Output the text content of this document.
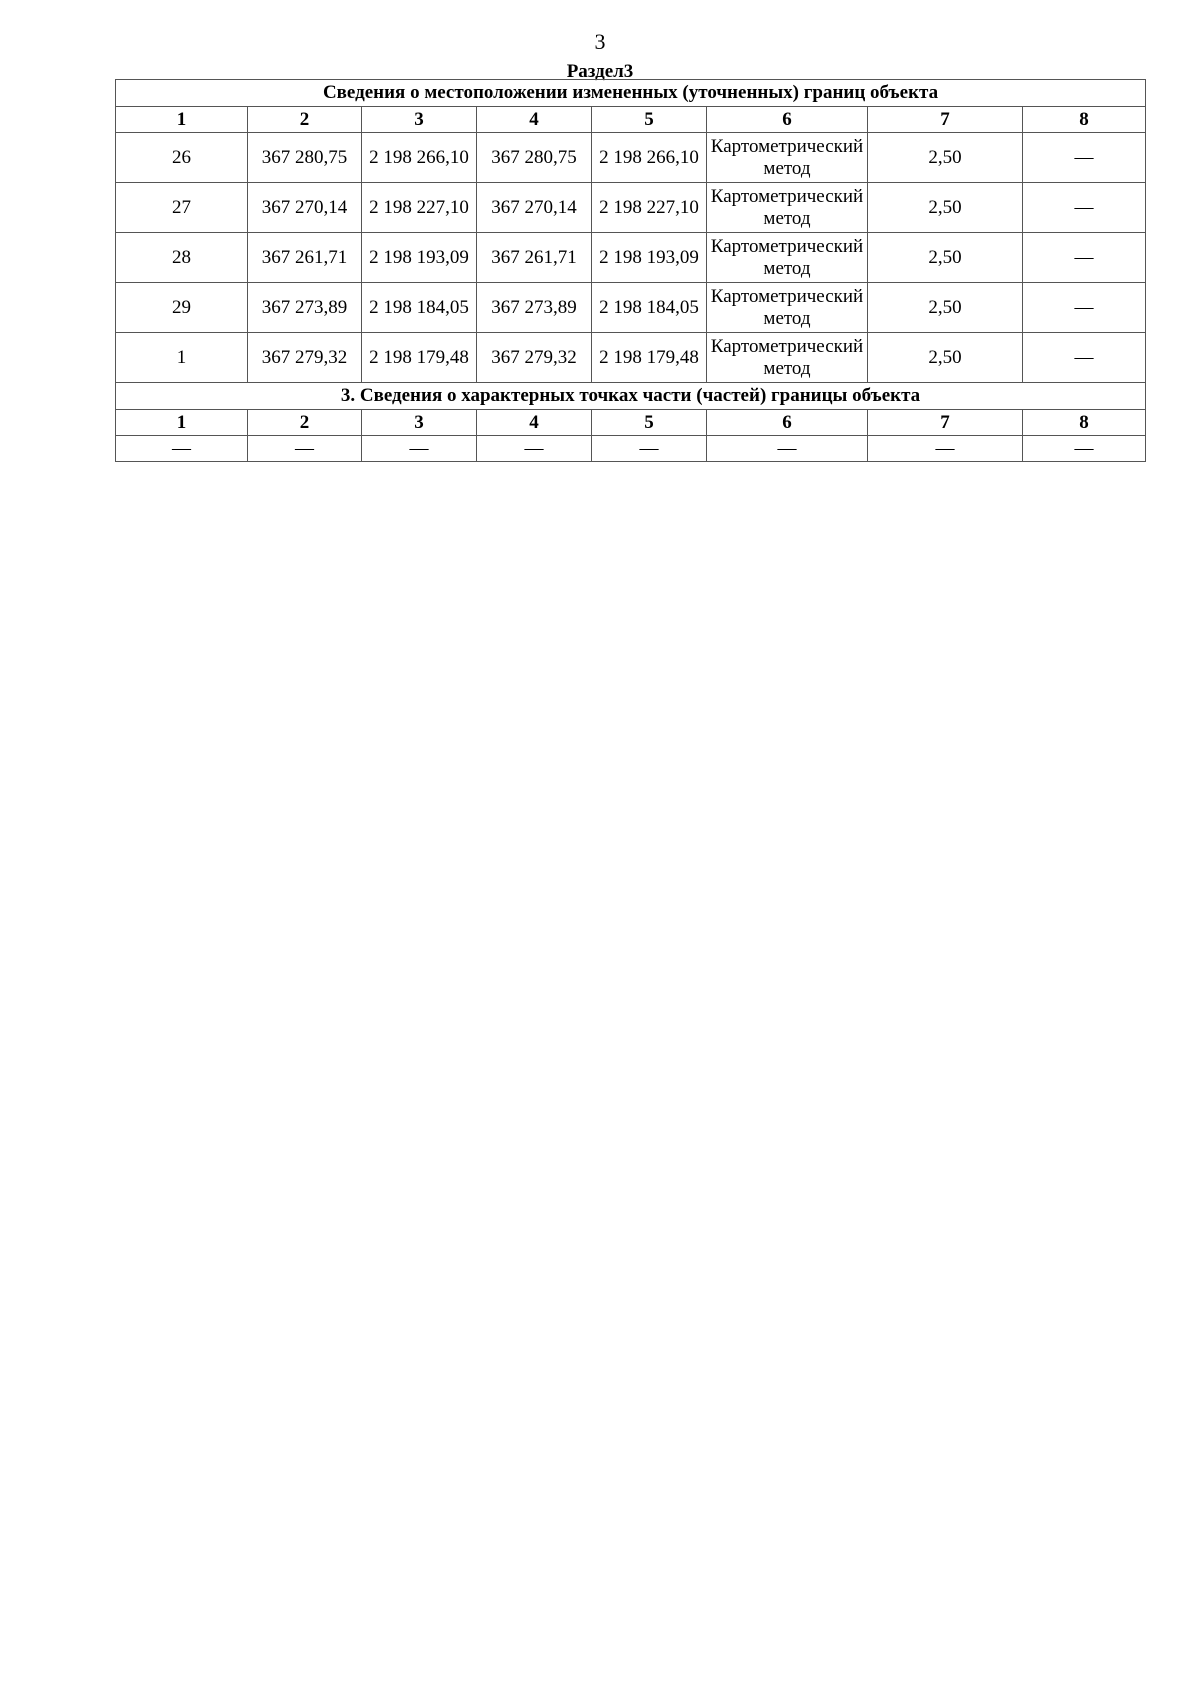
3
Раздел3
Сведения о местоположении измененных (уточненных) границ объекта							
1	2	3	4	5	6	7	8
26	367 280,75	2 198 266,10	367 280,75	2 198 266,10	Картометрический метод	2,50	—
27	367 270,14	2 198 227,10	367 270,14	2 198 227,10	Картометрический метод	2,50	—
28	367 261,71	2 198 193,09	367 261,71	2 198 193,09	Картометрический метод	2,50	—
29	367 273,89	2 198 184,05	367 273,89	2 198 184,05	Картометрический метод	2,50	—
1	367 279,32	2 198 179,48	367 279,32	2 198 179,48	Картометрический метод	2,50	—
3. Сведения о характерных точках части (частей) границы объекта							
1	2	3	4	5	6	7	8
—	—	—	—	—	—	—	—
